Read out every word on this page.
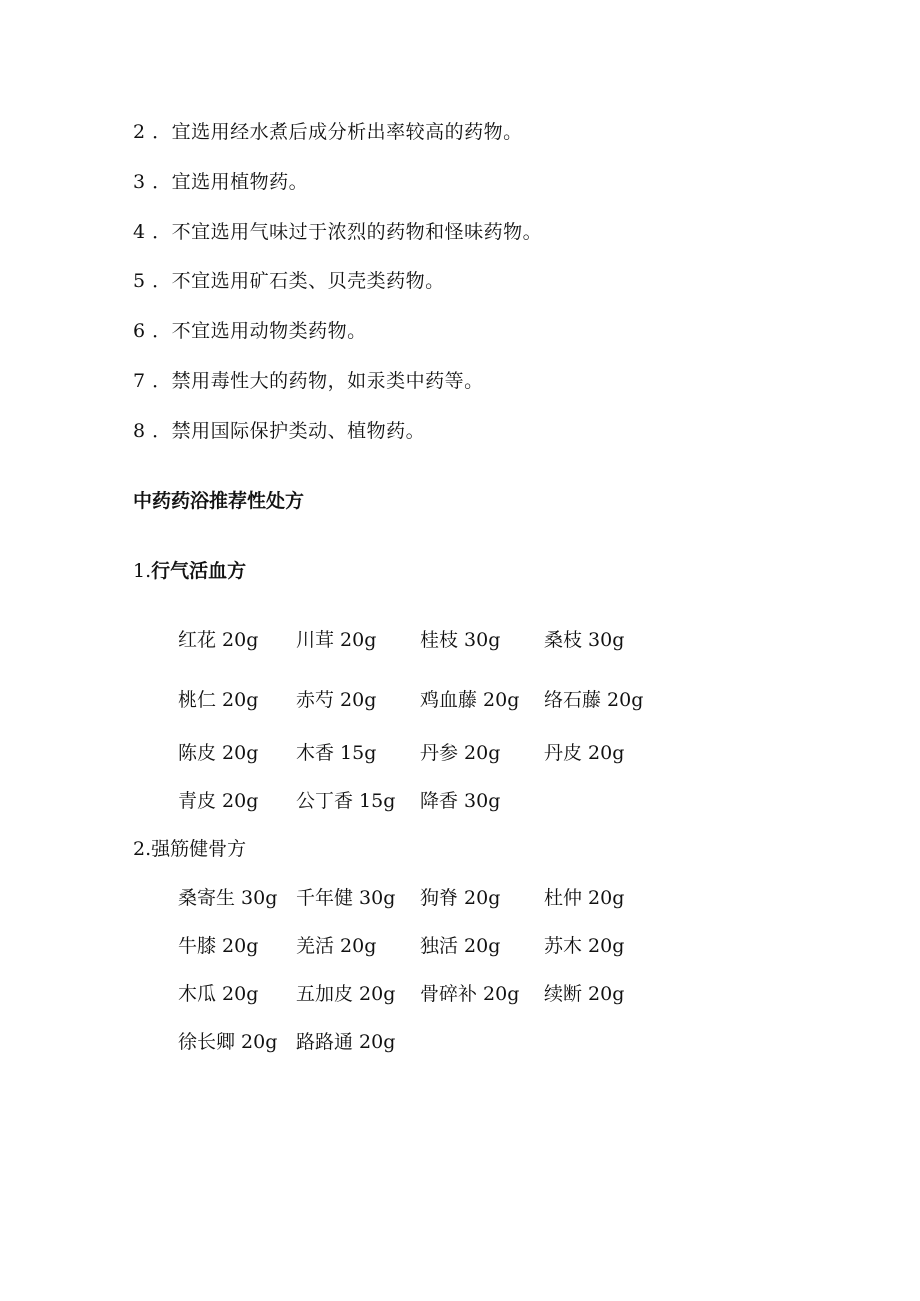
2 ．宜选用经水煮后成分析出率较高的药物。
3 ．宜选用植物药。
4 ．不宜选用气味过于浓烈的药物和怪味药物。
5 ．不宜选用矿石类、贝壳类药物。
6 ．不宜选用动物类药物。
7 ．禁用毒性大的药物，如汞类中药等。
8 ．禁用国际保护类动、植物药。
中药药浴推荐性处方
1.行气活血方
红花 20g 川茸 20g 桂枝 30g 桑枝 30g
桃仁 20g 赤芍 20g 鸡血藤 20g 络石藤 20g
陈皮 20g 木香 15g 丹参 20g 丹皮 20g
青皮 20g 公丁香 15g 降香 30g
2.强筋健骨方
桑寄生 30g 千年健 30g 狗脊 20g 杜仲 20g
牛膝 20g 羌活 20g 独活 20g 苏木 20g
木瓜 20g 五加皮 20g 骨碎补 20g 续断 20g
徐长卿 20g 路路通 20g
